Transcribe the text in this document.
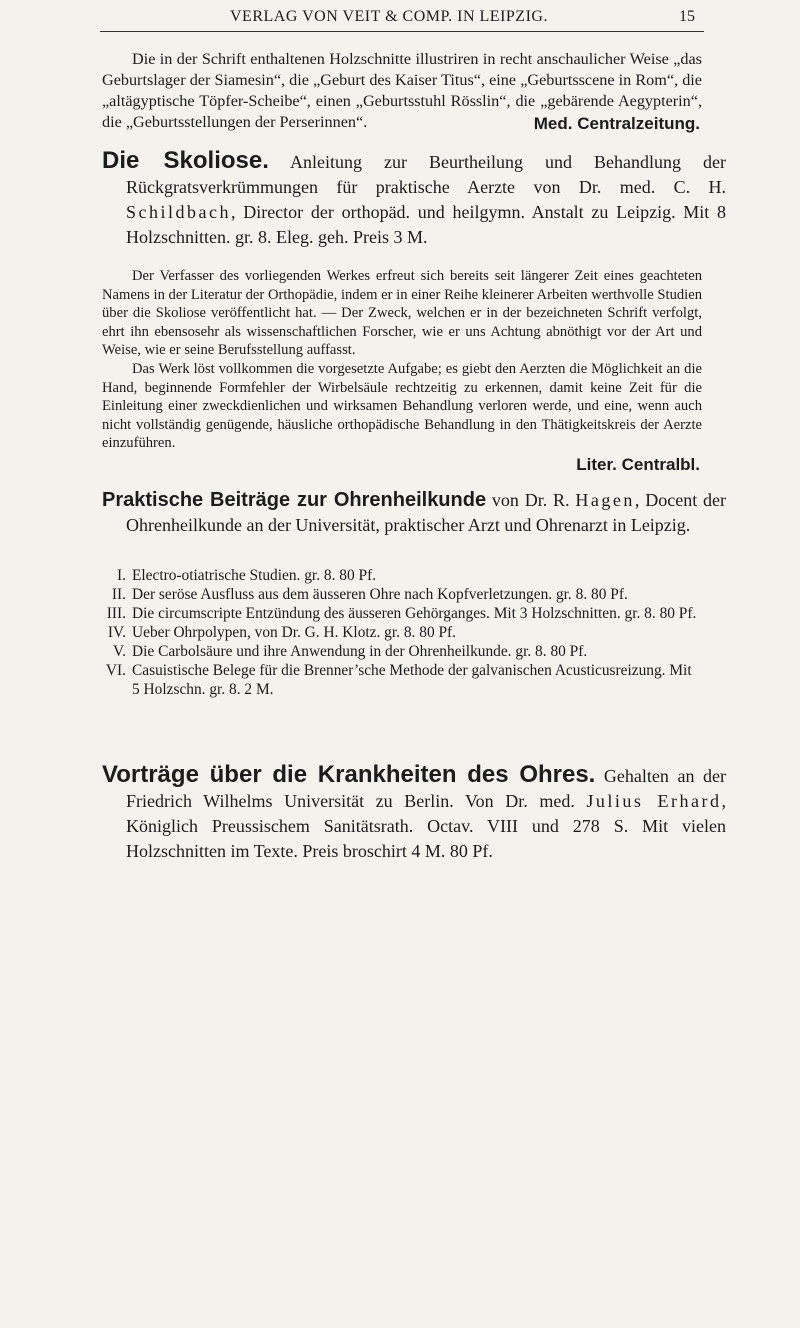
VERLAG VON VEIT & COMP. IN LEIPZIG.	15
Die in der Schrift enthaltenen Holzschnitte illustriren in recht anschaulicher Weise „das Geburtslager der Siamesin“, die „Geburt des Kaiser Titus“, eine „Geburtsscene in Rom“, die „altägyptische Töpfer-Scheibe“, einen „Geburtsstuhl Rösslin“, die „gebärende Aegypterin“, die „Geburtsstellungen der Perserinnen“.	Med. Centralzeitung.
Die Skoliose. Anleitung zur Beurtheilung und Behandlung der Rückgratsverkrümmungen für praktische Aerzte von Dr. med. C. H. Schildbach, Director der orthopäd. und heilgymn. Anstalt zu Leipzig. Mit 8 Holzschnitten. gr. 8. Eleg. geh. Preis 3 M.
Der Verfasser des vorliegenden Werkes erfreut sich bereits seit längerer Zeit eines geachteten Namens in der Literatur der Orthopädie, indem er in einer Reihe kleinerer Arbeiten werthvolle Studien über die Skoliose veröffentlicht hat. — Der Zweck, welchen er in der bezeichneten Schrift verfolgt, ehrt ihn ebensosehr als wissenschaftlichen Forscher, wie er uns Achtung abnöthigt vor der Art und Weise, wie er seine Berufsstellung auffasst.
Das Werk löst vollkommen die vorgesetzte Aufgabe; es giebt den Aerzten die Möglichkeit an die Hand, beginnende Formfehler der Wirbelsäule rechtzeitig zu erkennen, damit keine Zeit für die Einleitung einer zweckdienlichen und wirksamen Behandlung verloren werde, und eine, wenn auch nicht vollständig genügende, häusliche orthopädische Behandlung in den Thätigkeitskreis der Aerzte einzuführen.
Liter. Centralbl.
Praktische Beiträge zur Ohrenheilkunde von Dr. R. Hagen, Docent der Ohrenheilkunde an der Universität, praktischer Arzt und Ohrenarzt in Leipzig.
I. Electro-otiatrische Studien. gr. 8. 80 Pf.
II. Der seröse Ausfluss aus dem äusseren Ohre nach Kopfverletzungen. gr. 8. 80 Pf.
III. Die circumscripte Entzündung des äusseren Gehörganges. Mit 3 Holzschnitten. gr. 8. 80 Pf.
IV. Ueber Ohrpolypen, von Dr. G. H. Klotz. gr. 8. 80 Pf.
V. Die Carbolsäure und ihre Anwendung in der Ohrenheilkunde. gr. 8. 80 Pf.
VI. Casuistische Belege für die Brenner’sche Methode der galvanischen Acusticusreizung. Mit 5 Holzschn. gr. 8. 2 M.
Vorträge über die Krankheiten des Ohres. Gehalten an der Friedrich Wilhelms Universität zu Berlin. Von Dr. med. Julius Erhard, Königlich Preussischem Sanitätsrath. Octav. VIII und 278 S. Mit vielen Holzschnitten im Texte. Preis broschirt 4 M. 80 Pf.
